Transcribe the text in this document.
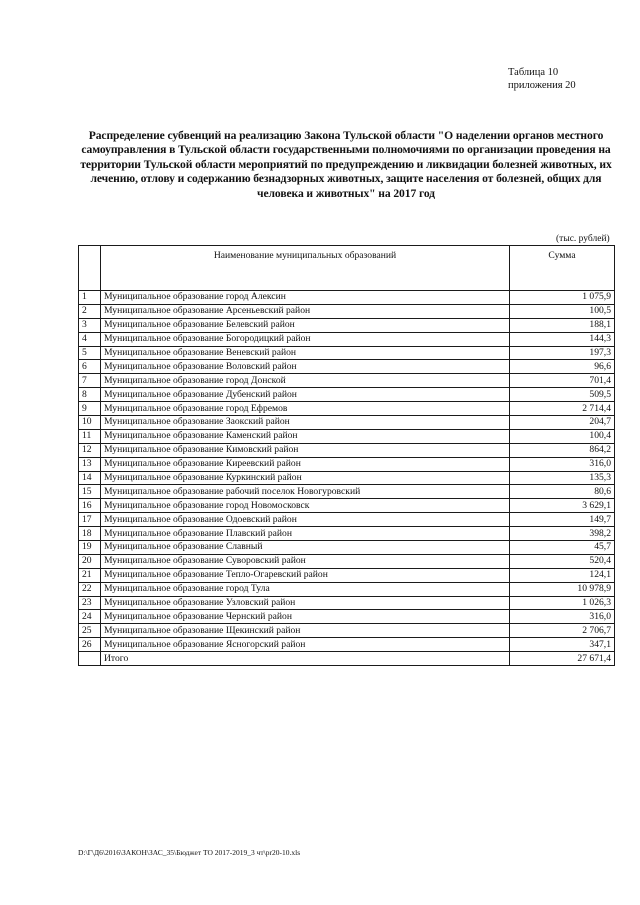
Таблица 10
приложения 20
Распределение субвенций на реализацию Закона Тульской области "О наделении органов местного самоуправления в Тульской области государственными полномочиями по организации проведения на территории Тульской области мероприятий по предупреждению и ликвидации болезней животных, их лечению, отлову и содержанию безнадзорных животных, защите населения от болезней, общих для человека и животных" на 2017 год
(тыс. рублей)
	Наименование муниципальных образований	Сумма
1	Муниципальное образование город Алексин	1 075,9
2	Муниципальное образование Арсеньевский район	100,5
3	Муниципальное образование Белевский район	188,1
4	Муниципальное образование Богородицкий район	144,3
5	Муниципальное образование Веневский район	197,3
6	Муниципальное образование Воловский район	96,6
7	Муниципальное образование город Донской	701,4
8	Муниципальное образование Дубенский район	509,5
9	Муниципальное образование город Ефремов	2 714,4
10	Муниципальное образование Заокский район	204,7
11	Муниципальное образование Каменский район	100,4
12	Муниципальное образование Кимовский район	864,2
13	Муниципальное образование Киреевский район	316,0
14	Муниципальное образование Куркинский район	135,3
15	Муниципальное образование рабочий поселок Новогуровский	80,6
16	Муниципальное образование город Новомосковск	3 629,1
17	Муниципальное образование Одоевский район	149,7
18	Муниципальное образование Плавский район	398,2
19	Муниципальное образование Славный	45,7
20	Муниципальное образование Суворовский район	520,4
21	Муниципальное образование Тепло-Огаревский район	124,1
22	Муниципальное образование город Тула	10 978,9
23	Муниципальное образование Узловский район	1 026,3
24	Муниципальное образование Чернский район	316,0
25	Муниципальное образование Щекинский район	2 706,7
26	Муниципальное образование Ясногорский район	347,1
	Итого	27 671,4
D:\Г\Д6\2016\ЗАКОН\ЗАС_35\Бюджет ТО 2017-2019_3 чт\pr20-10.xls
